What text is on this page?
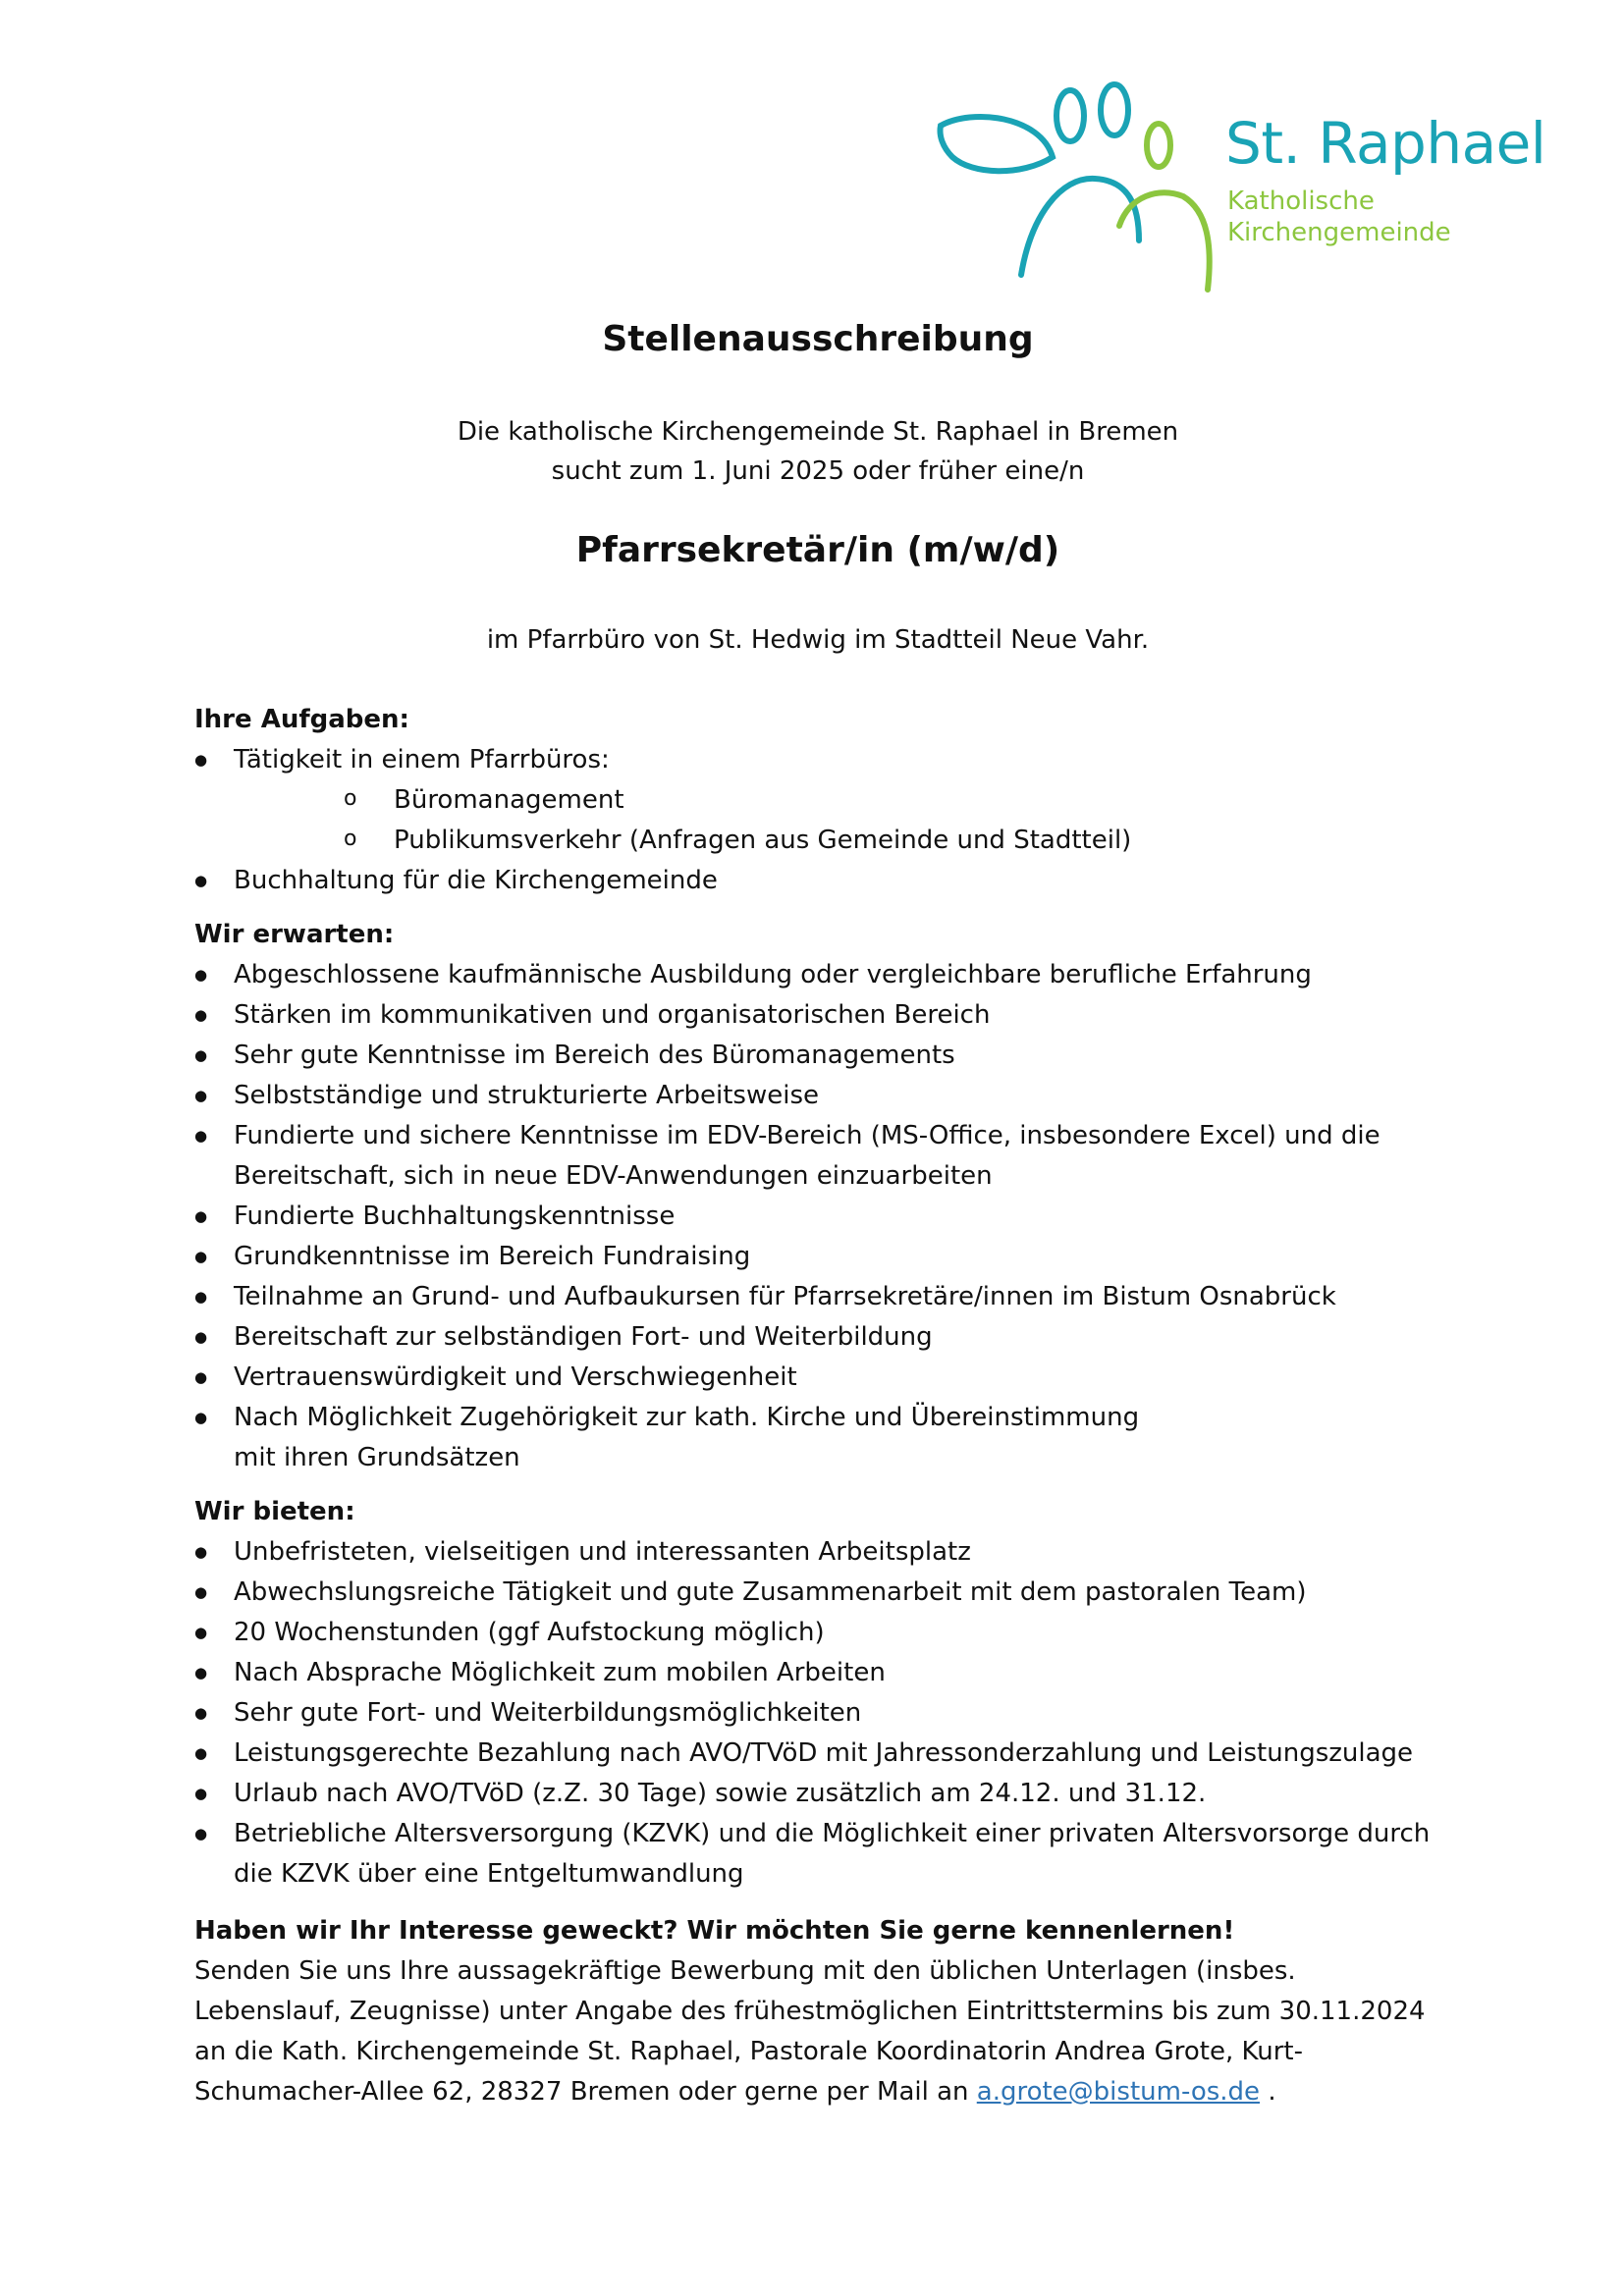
St. Raphael
Katholische
Kirchengemeinde
Stellenausschreibung
Die katholische Kirchengemeinde St. Raphael in Bremen
sucht zum 1. Juni 2025 oder früher eine/n
Pfarrsekretär/in (m/w/d)
im Pfarrbüro von St. Hedwig im Stadtteil Neue Vahr.
Ihre Aufgaben:
● Tätigkeit in einem Pfarrbüros:
o Büromanagement
o Publikumsverkehr (Anfragen aus Gemeinde und Stadtteil)
● Buchhaltung für die Kirchengemeinde
Wir erwarten:
● Abgeschlossene kaufmännische Ausbildung oder vergleichbare berufliche Erfahrung
● Stärken im kommunikativen und organisatorischen Bereich
● Sehr gute Kenntnisse im Bereich des Büromanagements
● Selbstständige und strukturierte Arbeitsweise
● Fundierte und sichere Kenntnisse im EDV-Bereich (MS-Office, insbesondere Excel) und die Bereitschaft, sich in neue EDV-Anwendungen einzuarbeiten
● Fundierte Buchhaltungskenntnisse
● Grundkenntnisse im Bereich Fundraising
● Teilnahme an Grund- und Aufbaukursen für Pfarrsekretäre/innen im Bistum Osnabrück
● Bereitschaft zur selbständigen Fort- und Weiterbildung
● Vertrauenswürdigkeit und Verschwiegenheit
● Nach Möglichkeit Zugehörigkeit zur kath. Kirche und Übereinstimmung
mit ihren Grundsätzen
Wir bieten:
● Unbefristeten, vielseitigen und interessanten Arbeitsplatz
● Abwechslungsreiche Tätigkeit und gute Zusammenarbeit mit dem pastoralen Team)
● 20 Wochenstunden (ggf Aufstockung möglich)
● Nach Absprache Möglichkeit zum mobilen Arbeiten
● Sehr gute Fort- und Weiterbildungsmöglichkeiten
● Leistungsgerechte Bezahlung nach AVO/TVöD mit Jahressonderzahlung und Leistungszulage
● Urlaub nach AVO/TVöD (z.Z. 30 Tage) sowie zusätzlich am 24.12. und 31.12.
● Betriebliche Altersversorgung (KZVK) und die Möglichkeit einer privaten Altersvorsorge durch die KZVK über eine Entgeltumwandlung
Haben wir Ihr Interesse geweckt? Wir möchten Sie gerne kennenlernen!

Senden Sie uns Ihre aussagekräftige Bewerbung mit den üblichen Unterlagen (insbes.

Lebenslauf, Zeugnisse) unter Angabe des frühestmöglichen Eintrittstermins bis zum 30.11.2024

an die Kath. Kirchengemeinde St. Raphael, Pastorale Koordinatorin Andrea Grote, Kurt-

Schumacher-Allee 62, 28327 Bremen oder gerne per Mail an a.grote@bistum-os.de .
